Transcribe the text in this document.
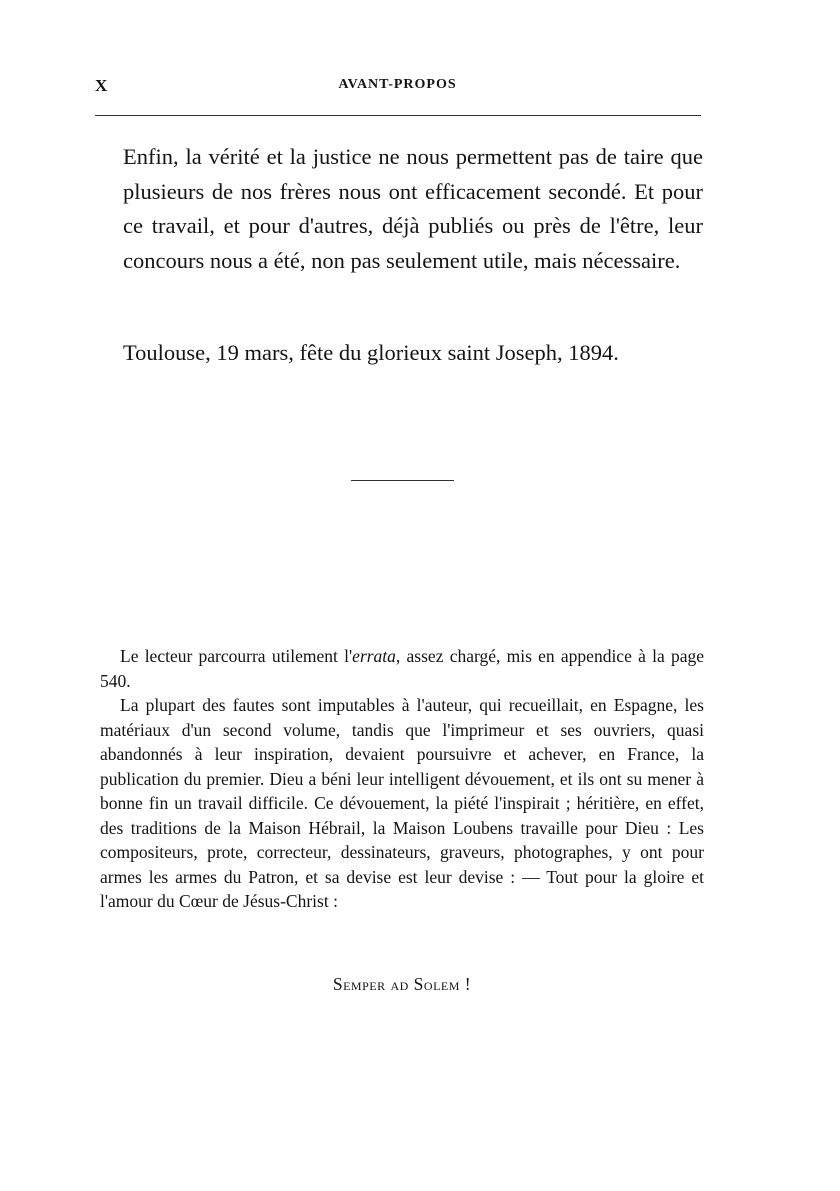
X	AVANT-PROPOS

Enfin, la vérité et la justice ne nous permettent pas de taire que plusieurs de nos frères nous ont efficacement secondé. Et pour ce travail, et pour d'autres, déjà publiés ou près de l'être, leur concours nous a été, non pas seulement utile, mais nécessaire.

Toulouse, 19 mars, fête du glorieux saint Joseph, 1894.

Le lecteur parcourra utilement l'errata, assez chargé, mis en appendice à la page 540.

La plupart des fautes sont imputables à l'auteur, qui recueillait, en Espagne, les matériaux d'un second volume, tandis que l'imprimeur et ses ouvriers, quasi abandonnés à leur inspiration, devaient poursuivre et achever, en France, la publication du premier. Dieu a béni leur intelligent dévouement, et ils ont su mener à bonne fin un travail difficile. Ce dévouement, la piété l'inspirait ; héritière, en effet, des traditions de la Maison Hébrail, la Maison Loubens travaille pour Dieu : Les compositeurs, prote, correcteur, dessinateurs, graveurs, photographes, y ont pour armes les armes du Patron, et sa devise est leur devise : — Tout pour la gloire et l'amour du Cœur de Jésus-Christ :

Semper ad Solem !
